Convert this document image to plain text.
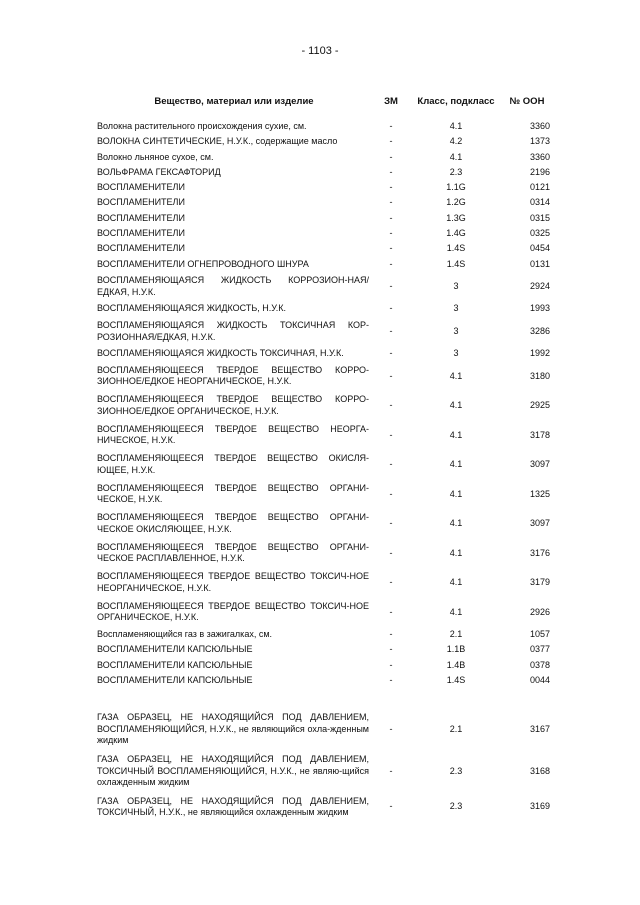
- 1103 -
Вещество, материал или изделие	ЗМ	Класс, подкласс	№ ООН
Волокна растительного происхождения сухие, см.	-	4.1	3360
ВОЛОКНА СИНТЕТИЧЕСКИЕ, Н.У.К., содержащие масло	-	4.2	1373
Волокно льняное сухое, см.	-	4.1	3360
ВОЛЬФРАМА ГЕКСАФТОРИД	-	2.3	2196
ВОСПЛАМЕНИТЕЛИ	-	1.1G	0121
ВОСПЛАМЕНИТЕЛИ	-	1.2G	0314
ВОСПЛАМЕНИТЕЛИ	-	1.3G	0315
ВОСПЛАМЕНИТЕЛИ	-	1.4G	0325
ВОСПЛАМЕНИТЕЛИ	-	1.4S	0454
ВОСПЛАМЕНИТЕЛИ ОГНЕПРОВОДНОГО ШНУРА	-	1.4S	0131
ВОСПЛАМЕНЯЮЩАЯСЯ ЖИДКОСТЬ КОРРОЗИОН-НАЯ/ЕДКАЯ, Н.У.К.	-	3	2924
ВОСПЛАМЕНЯЮЩАЯСЯ ЖИДКОСТЬ, Н.У.К.	-	3	1993
ВОСПЛАМЕНЯЮЩАЯСЯ ЖИДКОСТЬ ТОКСИЧНАЯ КОР-РОЗИОННАЯ/ЕДКАЯ, Н.У.К.	-	3	3286
ВОСПЛАМЕНЯЮЩАЯСЯ ЖИДКОСТЬ ТОКСИЧНАЯ, Н.У.К.	-	3	1992
ВОСПЛАМЕНЯЮЩЕЕСЯ ТВЕРДОЕ ВЕЩЕСТВО КОРРО-ЗИОННОЕ/ЕДКОЕ НЕОРГАНИЧЕСКОЕ, Н.У.К.	-	4.1	3180
ВОСПЛАМЕНЯЮЩЕЕСЯ ТВЕРДОЕ ВЕЩЕСТВО КОРРО-ЗИОННОЕ/ЕДКОЕ ОРГАНИЧЕСКОЕ, Н.У.К.	-	4.1	2925
ВОСПЛАМЕНЯЮЩЕЕСЯ ТВЕРДОЕ ВЕЩЕСТВО НЕОРГА-НИЧЕСКОЕ, Н.У.К.	-	4.1	3178
ВОСПЛАМЕНЯЮЩЕЕСЯ ТВЕРДОЕ ВЕЩЕСТВО ОКИСЛЯ-ЮЩЕЕ, Н.У.К.	-	4.1	3097
ВОСПЛАМЕНЯЮЩЕЕСЯ ТВЕРДОЕ ВЕЩЕСТВО ОРГАНИ-ЧЕСКОЕ, Н.У.К.	-	4.1	1325
ВОСПЛАМЕНЯЮЩЕЕСЯ ТВЕРДОЕ ВЕЩЕСТВО ОРГАНИ-ЧЕСКОЕ ОКИСЛЯЮЩЕЕ, Н.У.К.	-	4.1	3097
ВОСПЛАМЕНЯЮЩЕЕСЯ ТВЕРДОЕ ВЕЩЕСТВО ОРГАНИ-ЧЕСКОЕ РАСПЛАВЛЕННОЕ, Н.У.К.	-	4.1	3176
ВОСПЛАМЕНЯЮЩЕЕСЯ ТВЕРДОЕ ВЕЩЕСТВО ТОКСИЧ-НОЕ НЕОРГАНИЧЕСКОЕ, Н.У.К.	-	4.1	3179
ВОСПЛАМЕНЯЮЩЕЕСЯ ТВЕРДОЕ ВЕЩЕСТВО ТОКСИЧ-НОЕ ОРГАНИЧЕСКОЕ, Н.У.К.	-	4.1	2926
Воспламеняющийся газ в зажигалках, см.	-	2.1	1057
ВОСПЛАМЕНИТЕЛИ КАПСЮЛЬНЫЕ	-	1.1B	0377
ВОСПЛАМЕНИТЕЛИ КАПСЮЛЬНЫЕ	-	1.4B	0378
ВОСПЛАМЕНИТЕЛИ КАПСЮЛЬНЫЕ	-	1.4S	0044

ГАЗА ОБРАЗЕЦ, НЕ НАХОДЯЩИЙСЯ ПОД ДАВЛЕНИЕМ, ВОСПЛАМЕНЯЮЩИЙСЯ, Н.У.К., не являющийся охла-жденным жидким	-	2.1	3167
ГАЗА ОБРАЗЕЦ, НЕ НАХОДЯЩИЙСЯ ПОД ДАВЛЕНИЕМ, ТОКСИЧНЫЙ ВОСПЛАМЕНЯЮЩИЙСЯ, Н.У.К., не являю-щийся охлажденным жидким	-	2.3	3168
ГАЗА ОБРАЗЕЦ, НЕ НАХОДЯЩИЙСЯ ПОД ДАВЛЕНИЕМ, ТОКСИЧНЫЙ, Н.У.К., не являющийся охлажденным жидким	-	2.3	3169
